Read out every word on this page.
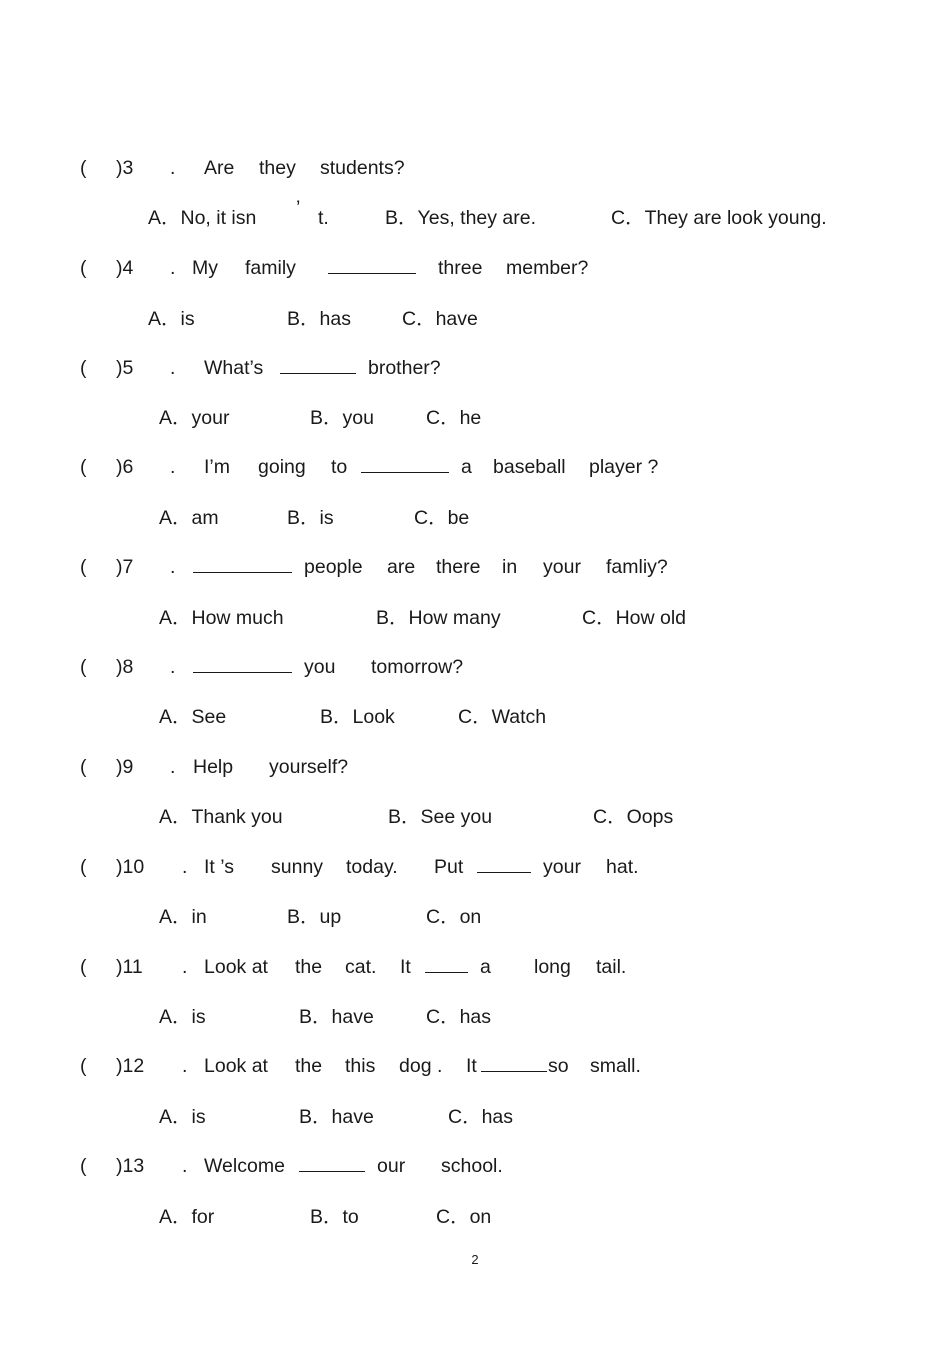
( )3 . Are they students?
A．No, it isn ’ t.	B．Yes, they are.	C．They are look young.
( )4 . My family	three member?
A．is	B．has	C．have
( )5 . What’s	brother?
A．your	B．you	C．he
( )6 . I’m going to	a baseball player ?
A．am	B．is	C．be
( )7 .	people are there in your famliy?
A．How much	B．How many	C．How old
( )8 .	you tomorrow?
A．See	B．Look	C．Watch
( )9 . Help yourself?
A．Thank you	B．See you	C．Oops
( )10 . It ’s sunny today. Put	your hat.
A．in	B．up	C．on
( )11 . Look at the cat. It	a long tail.
A．is	B．have	C．has
( )12 . Look at the this dog . It	so small.
A．is	B．have	C．has
( )13 . Welcome	our school.
A．for	B．to	C．on
2
